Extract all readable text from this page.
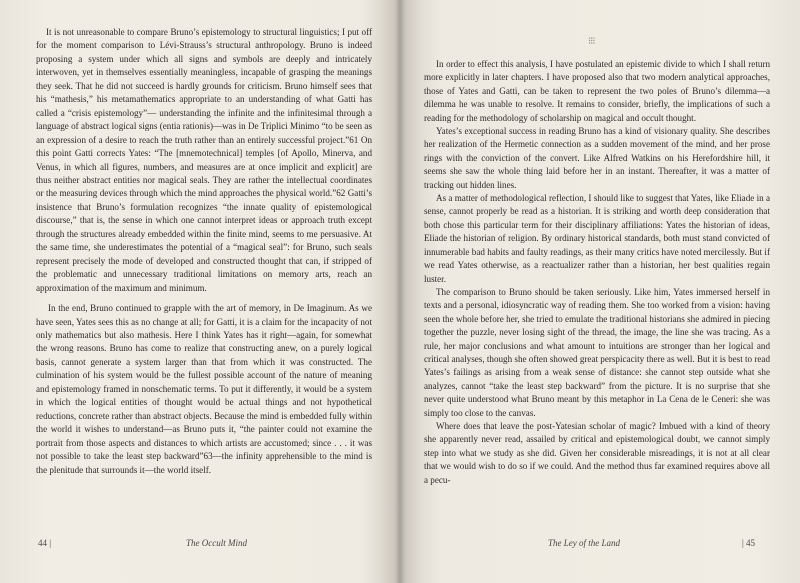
It is not unreasonable to compare Bruno’s epistemology to structural linguistics; I put off for the moment comparison to Lévi-Strauss’s structural anthropology. Bruno is indeed proposing a system under which all signs and symbols are deeply and intricately interwoven, yet in themselves essentially meaningless, incapable of grasping the meanings they seek. That he did not succeed is hardly grounds for criticism. Bruno himself sees that his “mathesis,” his metamathematics appropriate to an understanding of what Gatti has called a “crisis epistemology”— understanding the infinite and the infinitesimal through a language of abstract logical signs (entia rationis)—was in De Triplici Minimo “to be seen as an expression of a desire to reach the truth rather than an entirely successful project.”61 On this point Gatti corrects Yates: “The [mnemotechnical] temples [of Apollo, Minerva, and Venus, in which all figures, numbers, and measures are at once implicit and explicit] are thus neither abstract entities nor magical seals. They are rather the intellectual coordinates or the measuring devices through which the mind approaches the physical world.”62 Gatti’s insistence that Bruno’s formulation recognizes “the innate quality of epistemological discourse,” that is, the sense in which one cannot interpret ideas or approach truth except through the structures already embedded within the finite mind, seems to me persuasive. At the same time, she underestimates the potential of a “magical seal”: for Bruno, such seals represent precisely the mode of developed and constructed thought that can, if stripped of the problematic and unnecessary traditional limitations on memory arts, reach an approximation of the maximum and minimum.

In the end, Bruno continued to grapple with the art of memory, in De Imaginum. As we have seen, Yates sees this as no change at all; for Gatti, it is a claim for the incapacity of not only mathematics but also mathesis. Here I think Yates has it right—again, for somewhat the wrong reasons. Bruno has come to realize that constructing anew, on a purely logical basis, cannot generate a system larger than that from which it was constructed. The culmination of his system would be the fullest possible account of the nature of meaning and epistemology framed in nonschematic terms. To put it differently, it would be a system in which the logical entities of thought would be actual things and not hypothetical reductions, concrete rather than abstract objects. Because the mind is embedded fully within the world it wishes to understand—as Bruno puts it, “the painter could not examine the portrait from those aspects and distances to which artists are accustomed; since . . . it was not possible to take the least step backward”63—the infinity apprehensible to the mind is the plenitude that surrounds it—the world itself.

⁝⁝⁝

In order to effect this analysis, I have postulated an epistemic divide to which I shall return more explicitly in later chapters. I have proposed also that two modern analytical approaches, those of Yates and Gatti, can be taken to represent the two poles of Bruno’s dilemma—a dilemma he was unable to resolve. It remains to consider, briefly, the implications of such a reading for the methodology of scholarship on magical and occult thought.

Yates’s exceptional success in reading Bruno has a kind of visionary quality. She describes her realization of the Hermetic connection as a sudden movement of the mind, and her prose rings with the conviction of the convert. Like Alfred Watkins on his Herefordshire hill, it seems she saw the whole thing laid before her in an instant. Thereafter, it was a matter of tracking out hidden lines.

As a matter of methodological reflection, I should like to suggest that Yates, like Eliade in a sense, cannot properly be read as a historian. It is striking and worth deep consideration that both chose this particular term for their disciplinary affiliations: Yates the historian of ideas, Eliade the historian of religion. By ordinary historical standards, both must stand convicted of innumerable bad habits and faulty readings, as their many critics have noted mercilessly. But if we read Yates otherwise, as a reactualizer rather than a historian, her best qualities regain luster.

The comparison to Bruno should be taken seriously. Like him, Yates immersed herself in texts and a personal, idiosyncratic way of reading them. She too worked from a vision: having seen the whole before her, she tried to emulate the traditional historians she admired in piecing together the puzzle, never losing sight of the thread, the image, the line she was tracing. As a rule, her major conclusions and what amount to intuitions are stronger than her logical and critical analyses, though she often showed great perspicacity there as well. But it is best to read Yates’s failings as arising from a weak sense of distance: she cannot step outside what she analyzes, cannot “take the least step backward” from the picture. It is no surprise that she never quite understood what Bruno meant by this metaphor in La Cena de le Ceneri: she was simply too close to the canvas.

Where does that leave the post-Yatesian scholar of magic? Imbued with a kind of theory she apparently never read, assailed by critical and epistemological doubt, we cannot simply step into what we study as she did. Given her considerable misreadings, it is not at all clear that we would wish to do so if we could. And the method thus far examined requires above all a pecu-

44 |	The Occult Mind	The Ley of the Land	| 45
